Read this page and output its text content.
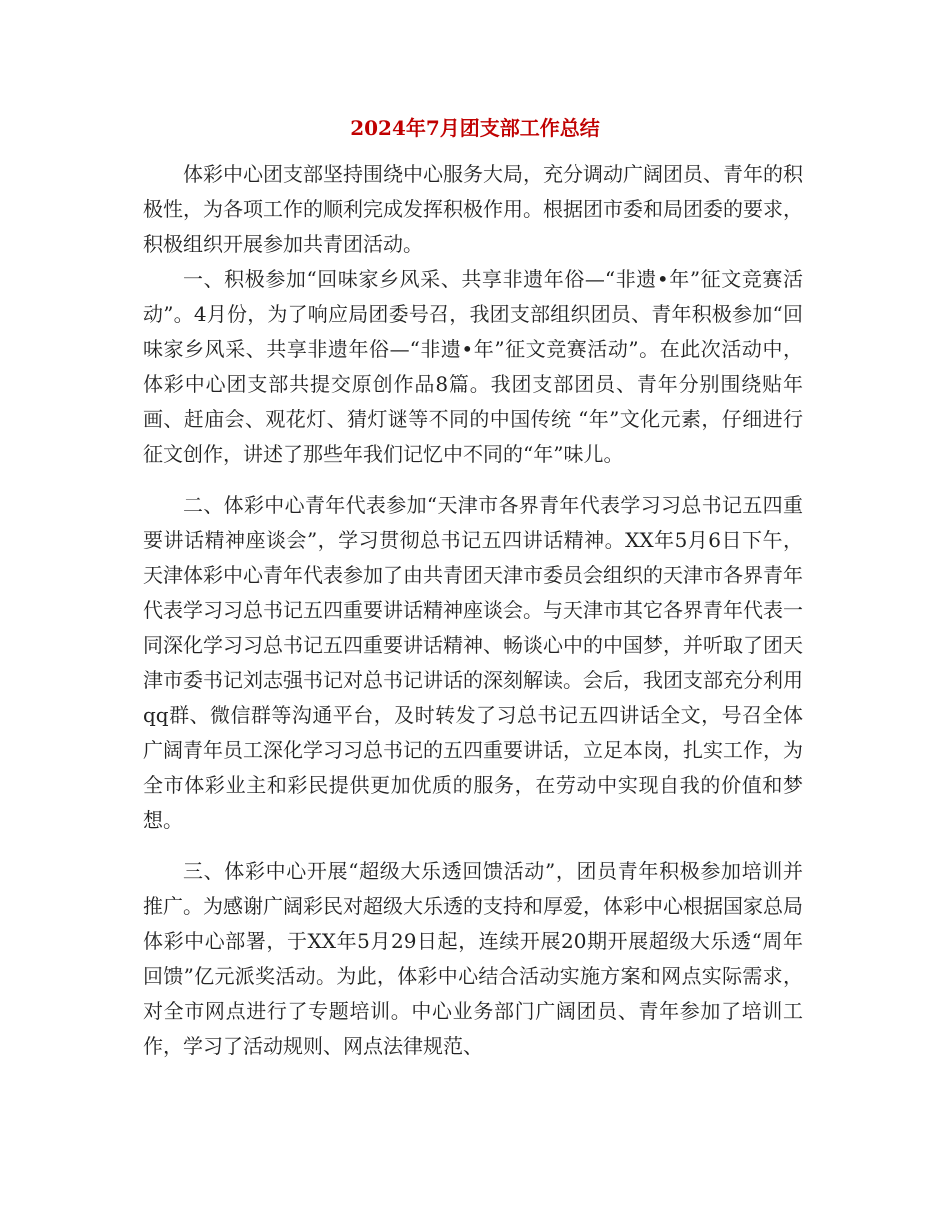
2024年7月团支部工作总结

体彩中心团支部坚持围绕中心服务大局，充分调动广阔团员、青年的积极性，为各项工作的顺利完成发挥积极作用。根据团市委和局团委的要求，积极组织开展参加共青团活动。

一、积极参加“回味家乡风采、共享非遗年俗—“非遗•年”征文竞赛活动”。4月份，为了响应局团委号召，我团支部组织团员、青年积极参加“回味家乡风采、共享非遗年俗—“非遗•年”征文竞赛活动”。在此次活动中，体彩中心团支部共提交原创作品8篇。我团支部团员、青年分别围绕贴年画、赶庙会、观花灯、猜灯谜等不同的中国传统 “年”文化元素，仔细进行征文创作，讲述了那些年我们记忆中不同的“年”味儿。

二、体彩中心青年代表参加“天津市各界青年代表学习习总书记五四重要讲话精神座谈会”，学习贯彻总书记五四讲话精神。XX年5月6日下午，天津体彩中心青年代表参加了由共青团天津市委员会组织的天津市各界青年代表学习习总书记五四重要讲话精神座谈会。与天津市其它各界青年代表一同深化学习习总书记五四重要讲话精神、畅谈心中的中国梦，并听取了团天津市委书记刘志强书记对总书记讲话的深刻解读。会后，我团支部充分利用qq群、微信群等沟通平台，及时转发了习总书记五四讲话全文，号召全体广阔青年员工深化学习习总书记的五四重要讲话，立足本岗，扎实工作，为全市体彩业主和彩民提供更加优质的服务，在劳动中实现自我的价值和梦想。

三、体彩中心开展“超级大乐透回馈活动”，团员青年积极参加培训并推广。为感谢广阔彩民对超级大乐透的支持和厚爱，体彩中心根据国家总局体彩中心部署，于XX年5月29日起，连续开展20期开展超级大乐透“周年回馈”亿元派奖活动。为此，体彩中心结合活动实施方案和网点实际需求，对全市网点进行了专题培训。中心业务部门广阔团员、青年参加了培训工作，学习了活动规则、网点法律规范、
